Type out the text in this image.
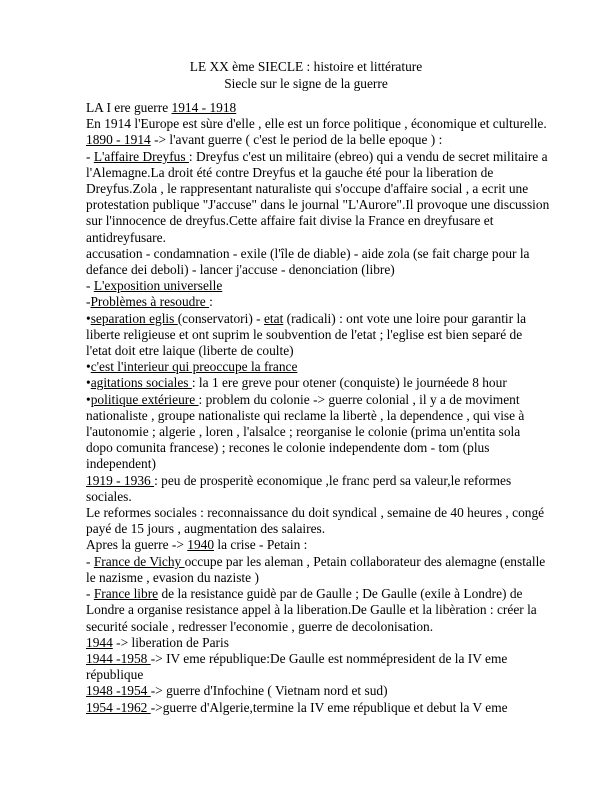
LE XX ème SIECLE : histoire et littérature
Siecle sur le signe de la guerre
LA I ere guerre 1914 - 1918
En 1914 l'Europe est sùre d'elle , elle est un force politique , économique et culturelle.
1890 - 1914 -> l'avant guerre ( c'est le period de la belle epoque ) :
- L'affaire Dreyfus : Dreyfus c'est un militaire (ebreo) qui a vendu de secret militaire a
l'Alemagne.La droit été contre Dreyfus et la gauche été pour la liberation de
Dreyfus.Zola , le rappresentant naturaliste qui s'occupe d'affaire social , a ecrit une
protestation publique "J'accuse" dans le journal "L'Aurore".Il provoque une discussion
sur l'innocence de dreyfus.Cette affaire fait divise la France en dreyfusare et
antidreyfusare.
accusation - condamnation - exile (l'île de diable) - aide zola (se fait charge pour la
defance dei deboli) - lancer j'accuse - denonciation (libre)
- L'exposition universelle
-Problèmes à resoudre :
•separation eglis (conservatori) - etat (radicali) : ont vote une loire pour garantir la
liberte religieuse et ont suprim le soubvention de l'etat ; l'eglise est bien separé de
l'etat doit etre laique (liberte de coulte)
•c'est l'interieur qui preoccupe la france
•agitations sociales : la 1 ere greve pour otener (conquiste) le journéede 8 hour
•politique extérieure : problem du colonie -> guerre colonial , il y a de moviment
nationaliste , groupe nationaliste qui reclame la libertè , la dependence , qui vise à
l'autonomie ; algerie , loren , l'alsalce ; reorganise le colonie (prima un'entita sola
dopo comunita francese) ; recones le colonie independente dom - tom (plus
independent)
1919 - 1936 : peu de prosperitè economique ,le franc perd sa valeur,le reformes
sociales.
Le reformes sociales : reconnaissance du doit syndical , semaine de 40 heures , congé
payé de 15 jours , augmentation des salaires.
Apres la guerre -> 1940 la crise - Petain :
- France de Vichy occupe par les aleman , Petain collaborateur des alemagne (enstalle
le nazisme , evasion du naziste )
- France libre de la resistance guidè par de Gaulle ; De Gaulle (exile à Londre) de
Londre a organise resistance appel à la liberation.De Gaulle et la libèration : créer la
securité sociale , redresser l'economie , guerre de decolonisation.
1944 -> liberation de Paris
1944 -1958 -> IV eme république:De Gaulle est nommépresident de la IV eme
république
1948 -1954 -> guerre d'Infochine ( Vietnam nord et sud)
1954 -1962 ->guerre d'Algerie,termine la IV eme république et debut la V eme
